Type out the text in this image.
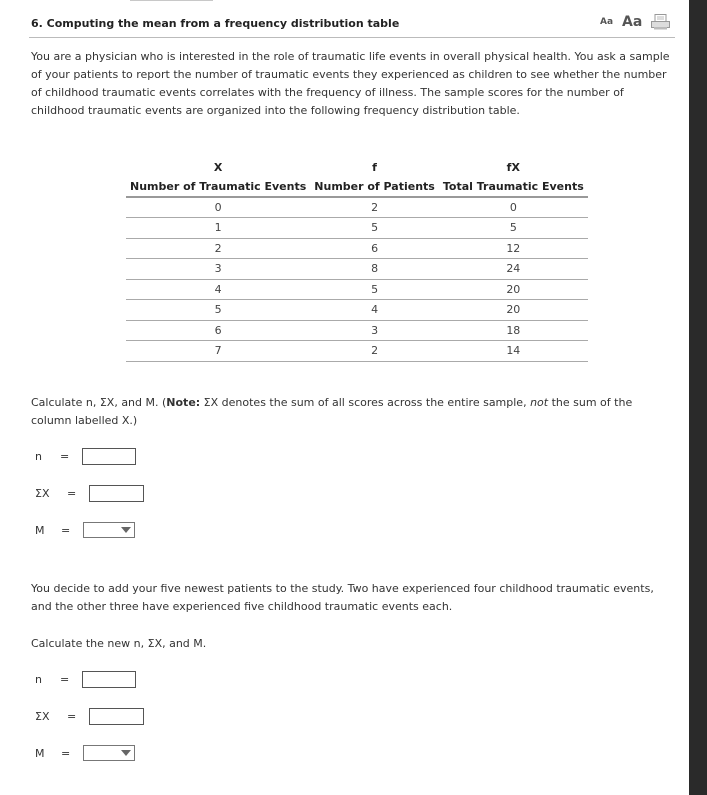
6. Computing the mean from a frequency distribution table	Aa Aa

You are a physician who is interested in the role of traumatic life events in overall physical health. You ask a sample of your patients to report the number of traumatic events they experienced as children to see whether the number of childhood traumatic events correlates with the frequency of illness. The sample scores for the number of childhood traumatic events are organized into the following frequency distribution table.

X	f	fX
Number of Traumatic Events	Number of Patients	Total Traumatic Events
0	2	0
1	5	5
2	6	12
3	8	24
4	5	20
5	4	20
6	3	18
7	2	14

Calculate n, ΣX, and M. (Note: ΣX denotes the sum of all scores across the entire sample, not the sum of the column labelled X.)

n	=
ΣX	=
M	=

You decide to add your five newest patients to the study. Two have experienced four childhood traumatic events, and the other three have experienced five childhood traumatic events each.

Calculate the new n, ΣX, and M.

n	=
ΣX	=
M	=
